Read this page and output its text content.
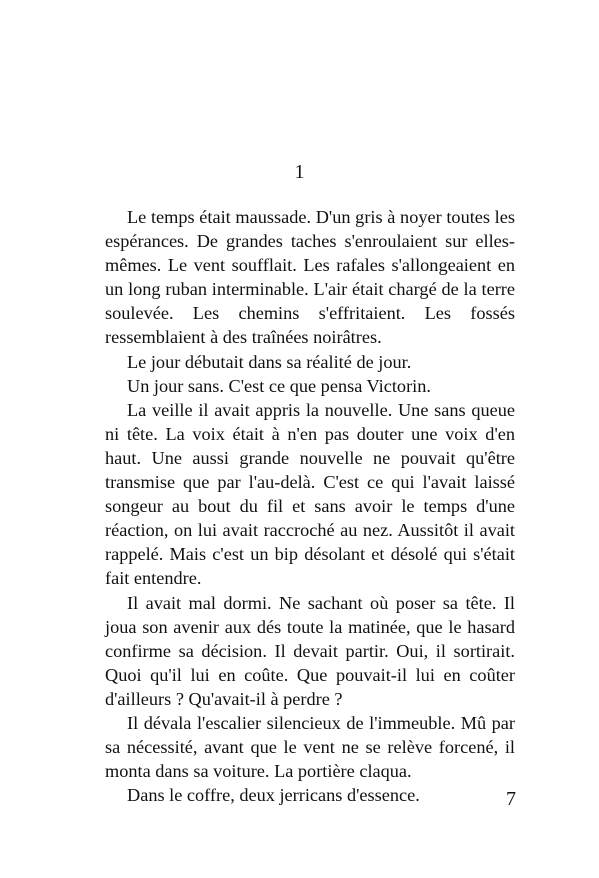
1

Le temps était maussade. D'un gris à noyer toutes les espérances. De grandes taches s'enroulaient sur elles-mêmes. Le vent soufflait. Les rafales s'allongeaient en un long ruban interminable. L'air était chargé de la terre soulevée. Les chemins s'effritaient. Les fossés ressemblaient à des traînées noirâtres.

Le jour débutait dans sa réalité de jour.

Un jour sans. C'est ce que pensa Victorin.

La veille il avait appris la nouvelle. Une sans queue ni tête. La voix était à n'en pas douter une voix d'en haut. Une aussi grande nouvelle ne pouvait qu'être transmise que par l'au-delà. C'est ce qui l'avait laissé songeur au bout du fil et sans avoir le temps d'une réaction, on lui avait raccroché au nez. Aussitôt il avait rappelé. Mais c'est un bip désolant et désolé qui s'était fait entendre.

Il avait mal dormi. Ne sachant où poser sa tête. Il joua son avenir aux dés toute la matinée, que le hasard confirme sa décision. Il devait partir. Oui, il sortirait. Quoi qu'il lui en coûte. Que pouvait-il lui en coûter d'ailleurs ? Qu'avait-il à perdre ?

Il dévala l'escalier silencieux de l'immeuble. Mû par sa nécessité, avant que le vent ne se relève forcené, il monta dans sa voiture. La portière claqua.

Dans le coffre, deux jerricans d'essence.	7
